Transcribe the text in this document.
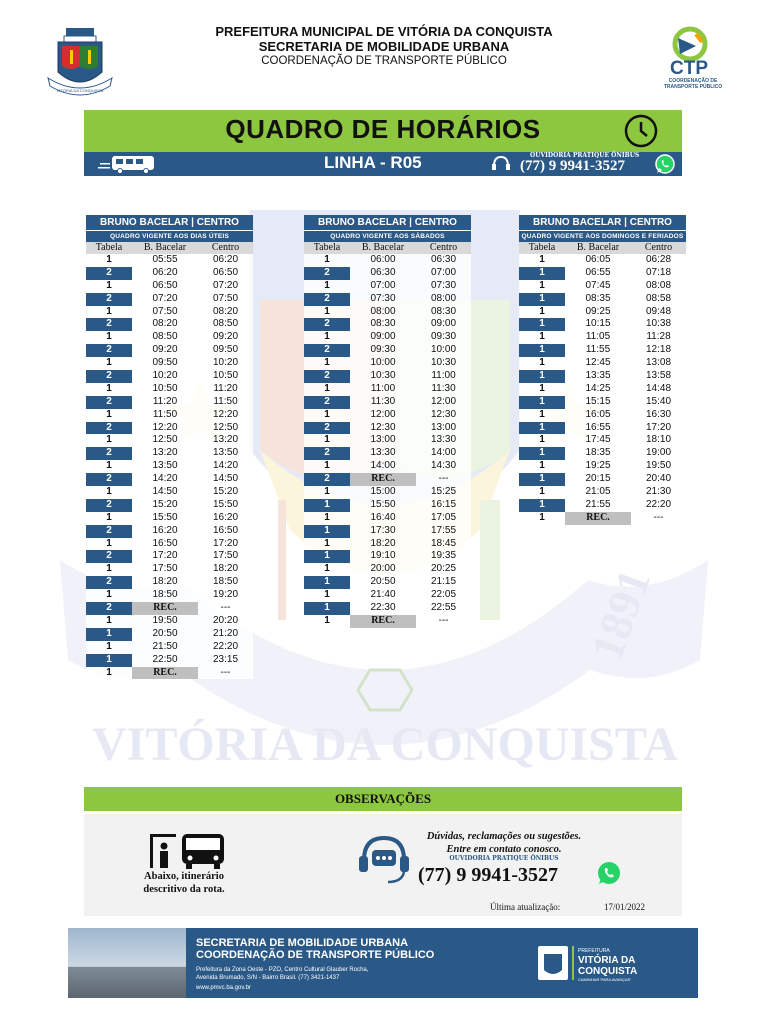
VITÓRIA DA CONQUISTA
PREFEITURA MUNICIPAL DE VITÓRIA DA CONQUISTA
SECRETARIA DE MOBILIDADE URBANA
COORDENAÇÃO DE TRANSPORTE PÚBLICO	CTP
COORDENAÇÃO DE
TRANSPORTE PÚBLICO
QUADRO DE HORÁRIOS
LINHA - R05	OUVIDORIA PRATIQUE ÔNIBUS
(77) 9 9941-3527
1891
VITÓRIA DA CONQUISTA
BRUNO BACELAR | CENTRO
QUADRO VIGENTE AOS DIAS ÚTEIS
Tabela	B. Bacelar	Centro
1	05:55	06:20
2	06:20	06:50
1	06:50	07:20
2	07:20	07:50
1	07:50	08:20
2	08:20	08:50
1	08:50	09:20
2	09:20	09:50
1	09:50	10:20
2	10:20	10:50
1	10:50	11:20
2	11:20	11:50
1	11:50	12:20
2	12:20	12:50
1	12:50	13:20
2	13:20	13:50
1	13:50	14:20
2	14:20	14:50
1	14:50	15:20
2	15:20	15:50
1	15:50	16:20
2	16:20	16:50
1	16:50	17:20
2	17:20	17:50
1	17:50	18:20
2	18:20	18:50
1	18:50	19:20
2	REC.	---
1	19:50	20:20
1	20:50	21:20
1	21:50	22:20
1	22:50	23:15
1	REC.	---
BRUNO BACELAR | CENTRO
QUADRO VIGENTE AOS SÁBADOS
Tabela	B. Bacelar	Centro
1	06:00	06:30
2	06:30	07:00
1	07:00	07:30
2	07:30	08:00
1	08:00	08:30
2	08:30	09:00
1	09:00	09:30
2	09:30	10:00
1	10:00	10:30
2	10:30	11:00
1	11:00	11:30
2	11:30	12:00
1	12:00	12:30
2	12:30	13:00
1	13:00	13:30
2	13:30	14:00
1	14:00	14:30
2	REC.	---
1	15:00	15:25
1	15:50	16:15
1	16:40	17:05
1	17:30	17:55
1	18:20	18:45
1	19:10	19:35
1	20:00	20:25
1	20:50	21:15
1	21:40	22:05
1	22:30	22:55
1	REC.	---
BRUNO BACELAR | CENTRO
QUADRO VIGENTE AOS DOMINGOS E FERIADOS
Tabela	B. Bacelar	Centro
1	06:05	06:28
1	06:55	07:18
1	07:45	08:08
1	08:35	08:58
1	09:25	09:48
1	10:15	10:38
1	11:05	11:28
1	11:55	12:18
1	12:45	13:08
1	13:35	13:58
1	14:25	14:48
1	15:15	15:40
1	16:05	16:30
1	16:55	17:20
1	17:45	18:10
1	18:35	19:00
1	19:25	19:50
1	20:15	20:40
1	21:05	21:30
1	21:55	22:20
1	REC.	---
OBSERVAÇÕES
Abaixo, itinerário
descritivo da rota.
Dúvidas, reclamações ou sugestões.
Entre em contato conosco.
OUVIDORIA PRATIQUE ÔNIBUS
(77) 9 9941-3527
Última atualização:	17/01/2022
SECRETARIA DE MOBILIDADE URBANA
COORDENAÇÃO DE TRANSPORTE PÚBLICO
Prefeitura da Zona Oeste - PZO, Centro Cultural Glauber Rocha,
Avenida Brumado, S/N - Bairro Brasil. (77) 3421-1437
www.pmvc.ba.gov.br
PREFEITURA
VITÓRIA DA
CONQUISTA
CAMINHAR PARA AVANÇAR
